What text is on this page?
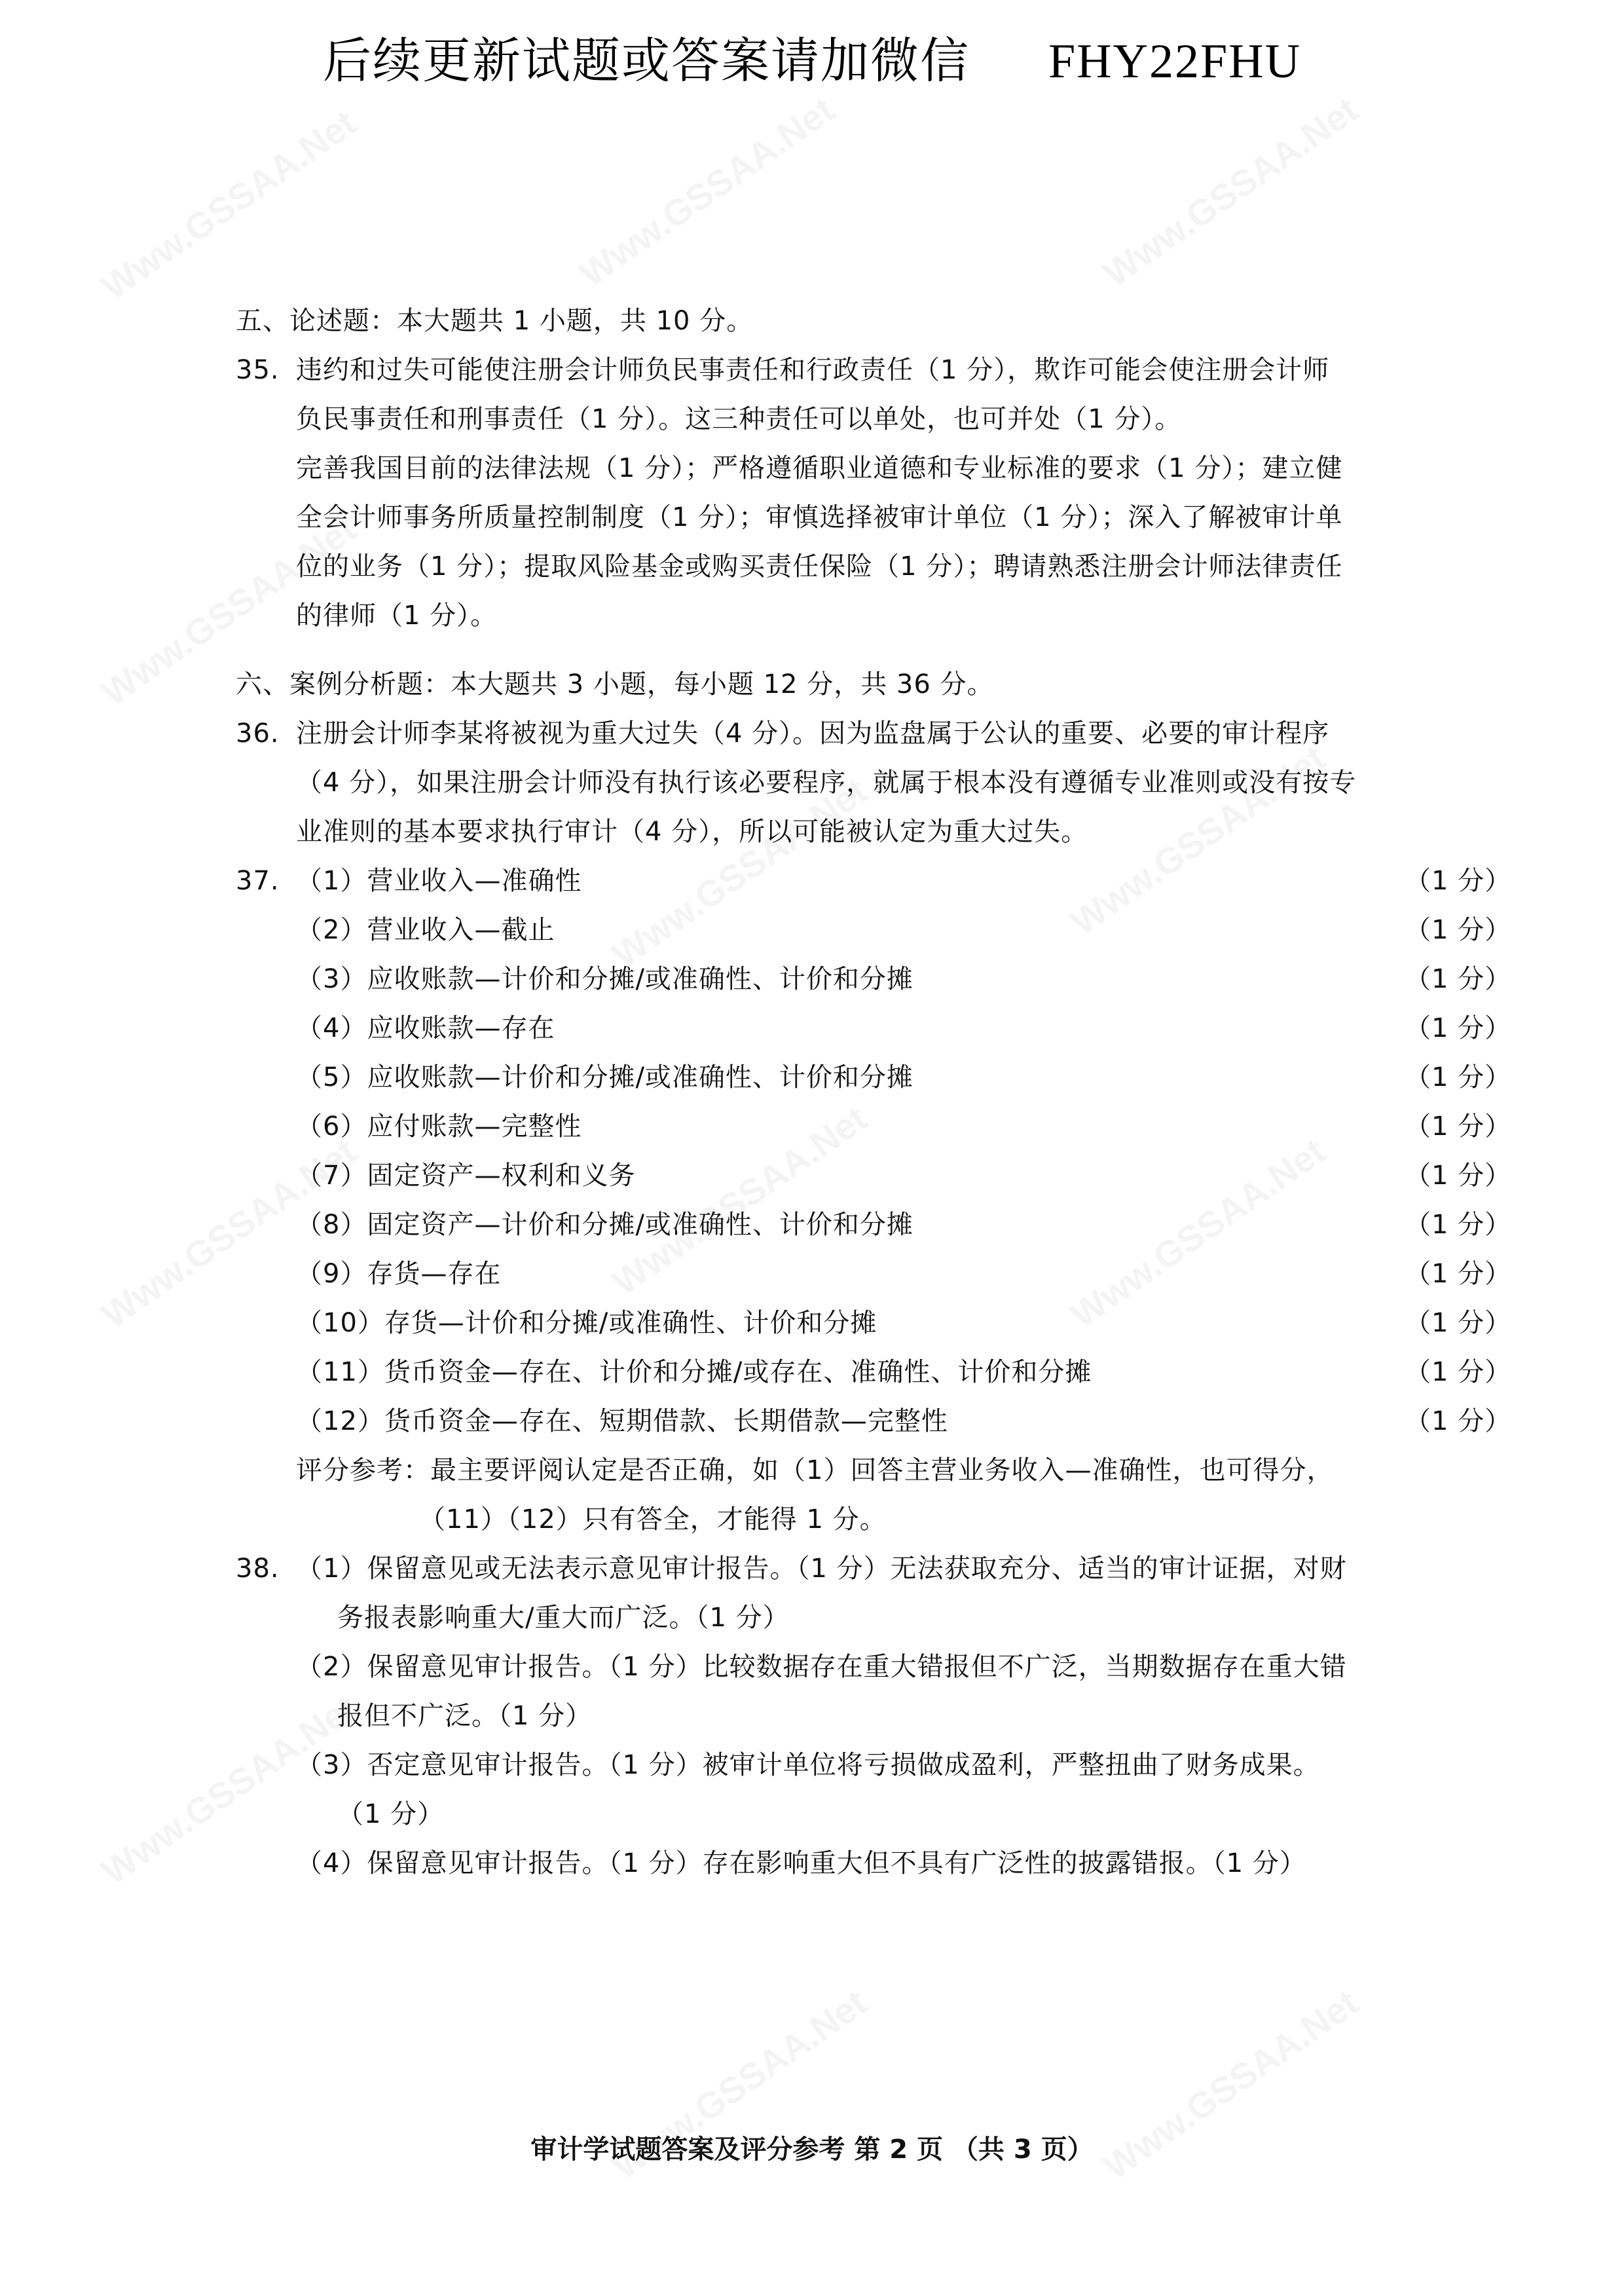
后续更新试题或答案请加微信 FHY22FHU
五、论述题：本大题共 1 小题，共 10 分。
35. 违约和过失可能使注册会计师负民事责任和行政责任（1 分），欺诈可能会使注册会计师
负民事责任和刑事责任（1 分）。这三种责任可以单处，也可并处（1 分）。
完善我国目前的法律法规（1 分）；严格遵循职业道德和专业标准的要求（1 分）；建立健
全会计师事务所质量控制制度（1 分）；审慎选择被审计单位（1 分）；深入了解被审计单
位的业务（1 分）；提取风险基金或购买责任保险（1 分）；聘请熟悉注册会计师法律责任
的律师（1 分）。
六、案例分析题：本大题共 3 小题，每小题 12 分，共 36 分。
36. 注册会计师李某将被视为重大过失（4 分）。因为监盘属于公认的重要、必要的审计程序
（4 分），如果注册会计师没有执行该必要程序，就属于根本没有遵循专业准则或没有按专
业准则的基本要求执行审计（4 分），所以可能被认定为重大过失。
37. （1）营业收入—准确性	（1 分）
（2）营业收入—截止	（1 分）
（3）应收账款—计价和分摊/或准确性、计价和分摊	（1 分）
（4）应收账款—存在	（1 分）
（5）应收账款—计价和分摊/或准确性、计价和分摊	（1 分）
（6）应付账款—完整性	（1 分）
（7）固定资产—权利和义务	（1 分）
（8）固定资产—计价和分摊/或准确性、计价和分摊	（1 分）
（9）存货—存在	（1 分）
（10）存货—计价和分摊/或准确性、计价和分摊	（1 分）
（11）货币资金—存在、计价和分摊/或存在、准确性、计价和分摊	（1 分）
（12）货币资金—存在、短期借款、长期借款—完整性	（1 分）
评分参考：最主要评阅认定是否正确，如（1）回答主营业务收入—准确性，也可得分，
（11）（12）只有答全，才能得 1 分。
38. （1）保留意见或无法表示意见审计报告。（1 分）无法获取充分、适当的审计证据，对财
务报表影响重大/重大而广泛。（1 分）
（2）保留意见审计报告。（1 分）比较数据存在重大错报但不广泛，当期数据存在重大错
报但不广泛。（1 分）
（3）否定意见审计报告。（1 分）被审计单位将亏损做成盈利，严整扭曲了财务成果。
（1 分）
（4）保留意见审计报告。（1 分）存在影响重大但不具有广泛性的披露错报。（1 分）
审计学试题答案及评分参考 第 2 页 （共 3 页）
